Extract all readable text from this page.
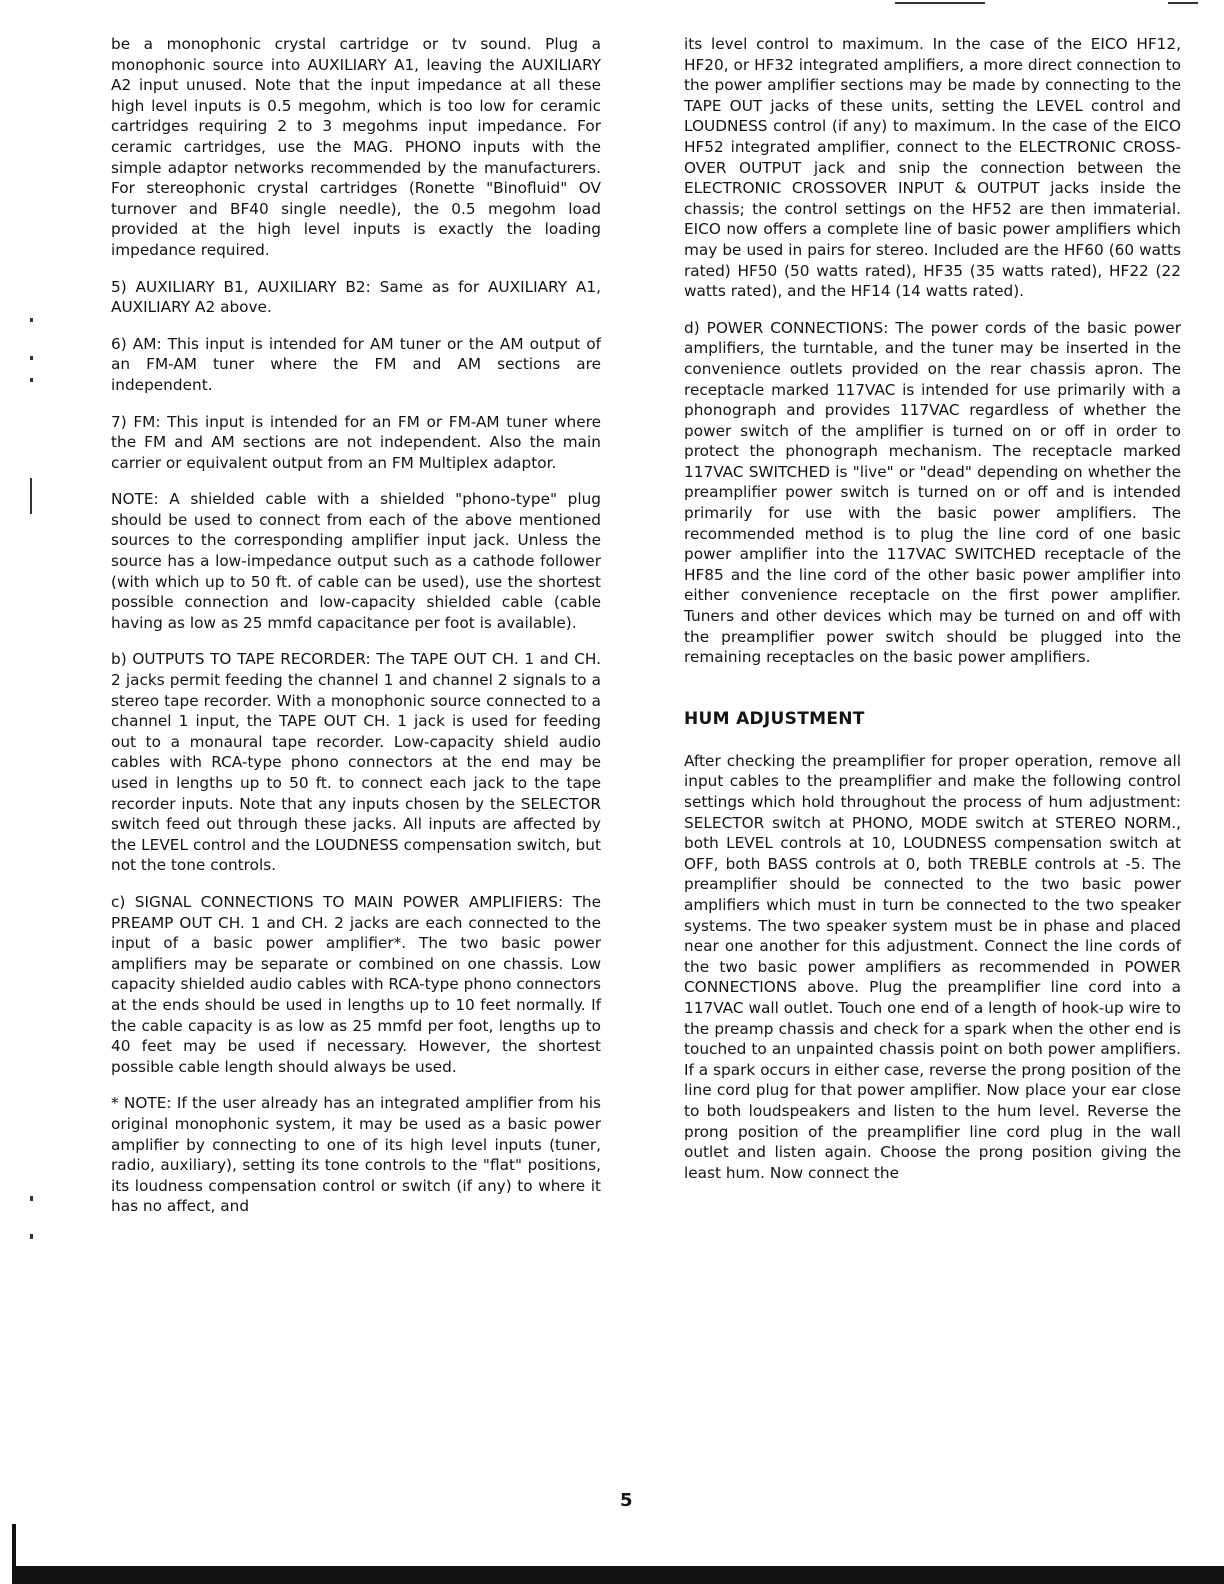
be a monophonic crystal cartridge or tv sound. Plug a monophonic source into AUXILIARY A1, leaving the AUXILIARY A2 input unused. Note that the input impedance at all these high level inputs is 0.5 megohm, which is too low for ceramic cartridges requiring 2 to 3 megohms input impedance. For ceramic cartridges, use the MAG. PHONO inputs with the simple adaptor networks recommended by the manufacturers. For stereophonic crystal cartridges (Ronette "Binofluid" OV turnover and BF40 single needle), the 0.5 megohm load provided at the high level inputs is exactly the loading impedance required.

5) AUXILIARY B1, AUXILIARY B2: Same as for AUXILIARY A1, AUXILIARY A2 above.

6) AM: This input is intended for AM tuner or the AM output of an FM-AM tuner where the FM and AM sections are independent.

7) FM: This input is intended for an FM or FM-AM tuner where the FM and AM sections are not independent. Also the main carrier or equivalent output from an FM Multiplex adaptor.

NOTE: A shielded cable with a shielded "phono-type" plug should be used to connect from each of the above mentioned sources to the corresponding amplifier input jack. Unless the source has a low-impedance output such as a cathode follower (with which up to 50 ft. of cable can be used), use the shortest possible connection and low-capacity shielded cable (cable having as low as 25 mmfd capacitance per foot is available).

b) OUTPUTS TO TAPE RECORDER: The TAPE OUT CH. 1 and CH. 2 jacks permit feeding the channel 1 and channel 2 signals to a stereo tape recorder. With a monophonic source connected to a channel 1 input, the TAPE OUT CH. 1 jack is used for feeding out to a monaural tape recorder. Low-capacity shield audio cables with RCA-type phono connectors at the end may be used in lengths up to 50 ft. to connect each jack to the tape recorder inputs. Note that any inputs chosen by the SELECTOR switch feed out through these jacks. All inputs are affected by the LEVEL control and the LOUDNESS compensation switch, but not the tone controls.

c) SIGNAL CONNECTIONS TO MAIN POWER AMPLIFIERS: The PREAMP OUT CH. 1 and CH. 2 jacks are each connected to the input of a basic power amplifier*. The two basic power amplifiers may be separate or combined on one chassis. Low capacity shielded audio cables with RCA-type phono connectors at the ends should be used in lengths up to 10 feet normally. If the cable capacity is as low as 25 mmfd per foot, lengths up to 40 feet may be used if necessary. However, the shortest possible cable length should always be used.

* NOTE: If the user already has an integrated amplifier from his original monophonic system, it may be used as a basic power amplifier by connecting to one of its high level inputs (tuner, radio, auxiliary), setting its tone controls to the "flat" positions, its loudness compensation control or switch (if any) to where it has no affect, and

its level control to maximum. In the case of the EICO HF12, HF20, or HF32 integrated amplifiers, a more direct connection to the power amplifier sections may be made by connecting to the TAPE OUT jacks of these units, setting the LEVEL control and LOUDNESS control (if any) to maximum. In the case of the EICO HF52 integrated amplifier, connect to the ELECTRONIC CROSS-OVER OUTPUT jack and snip the connection between the ELECTRONIC CROSSOVER INPUT & OUTPUT jacks inside the chassis; the control settings on the HF52 are then immaterial. EICO now offers a complete line of basic power amplifiers which may be used in pairs for stereo. Included are the HF60 (60 watts rated) HF50 (50 watts rated), HF35 (35 watts rated), HF22 (22 watts rated), and the HF14 (14 watts rated).

d) POWER CONNECTIONS: The power cords of the basic power amplifiers, the turntable, and the tuner may be inserted in the convenience outlets provided on the rear chassis apron. The receptacle marked 117VAC is intended for use primarily with a phonograph and provides 117VAC regardless of whether the power switch of the amplifier is turned on or off in order to protect the phonograph mechanism. The receptacle marked 117VAC SWITCHED is "live" or "dead" depending on whether the preamplifier power switch is turned on or off and is intended primarily for use with the basic power amplifiers. The recommended method is to plug the line cord of one basic power amplifier into the 117VAC SWITCHED receptacle of the HF85 and the line cord of the other basic power amplifier into either convenience receptacle on the first power amplifier. Tuners and other devices which may be turned on and off with the preamplifier power switch should be plugged into the remaining receptacles on the basic power amplifiers.

HUM ADJUSTMENT

After checking the preamplifier for proper operation, remove all input cables to the preamplifier and make the following control settings which hold throughout the process of hum adjustment: SELECTOR switch at PHONO, MODE switch at STEREO NORM., both LEVEL controls at 10, LOUDNESS compensation switch at OFF, both BASS controls at 0, both TREBLE controls at -5. The preamplifier should be connected to the two basic power amplifiers which must in turn be connected to the two speaker systems. The two speaker system must be in phase and placed near one another for this adjustment. Connect the line cords of the two basic power amplifiers as recommended in POWER CONNECTIONS above. Plug the preamplifier line cord into a 117VAC wall outlet. Touch one end of a length of hook-up wire to the preamp chassis and check for a spark when the other end is touched to an unpainted chassis point on both power amplifiers. If a spark occurs in either case, reverse the prong position of the line cord plug for that power amplifier. Now place your ear close to both loudspeakers and listen to the hum level. Reverse the prong position of the preamplifier line cord plug in the wall outlet and listen again. Choose the prong position giving the least hum. Now connect the

5
